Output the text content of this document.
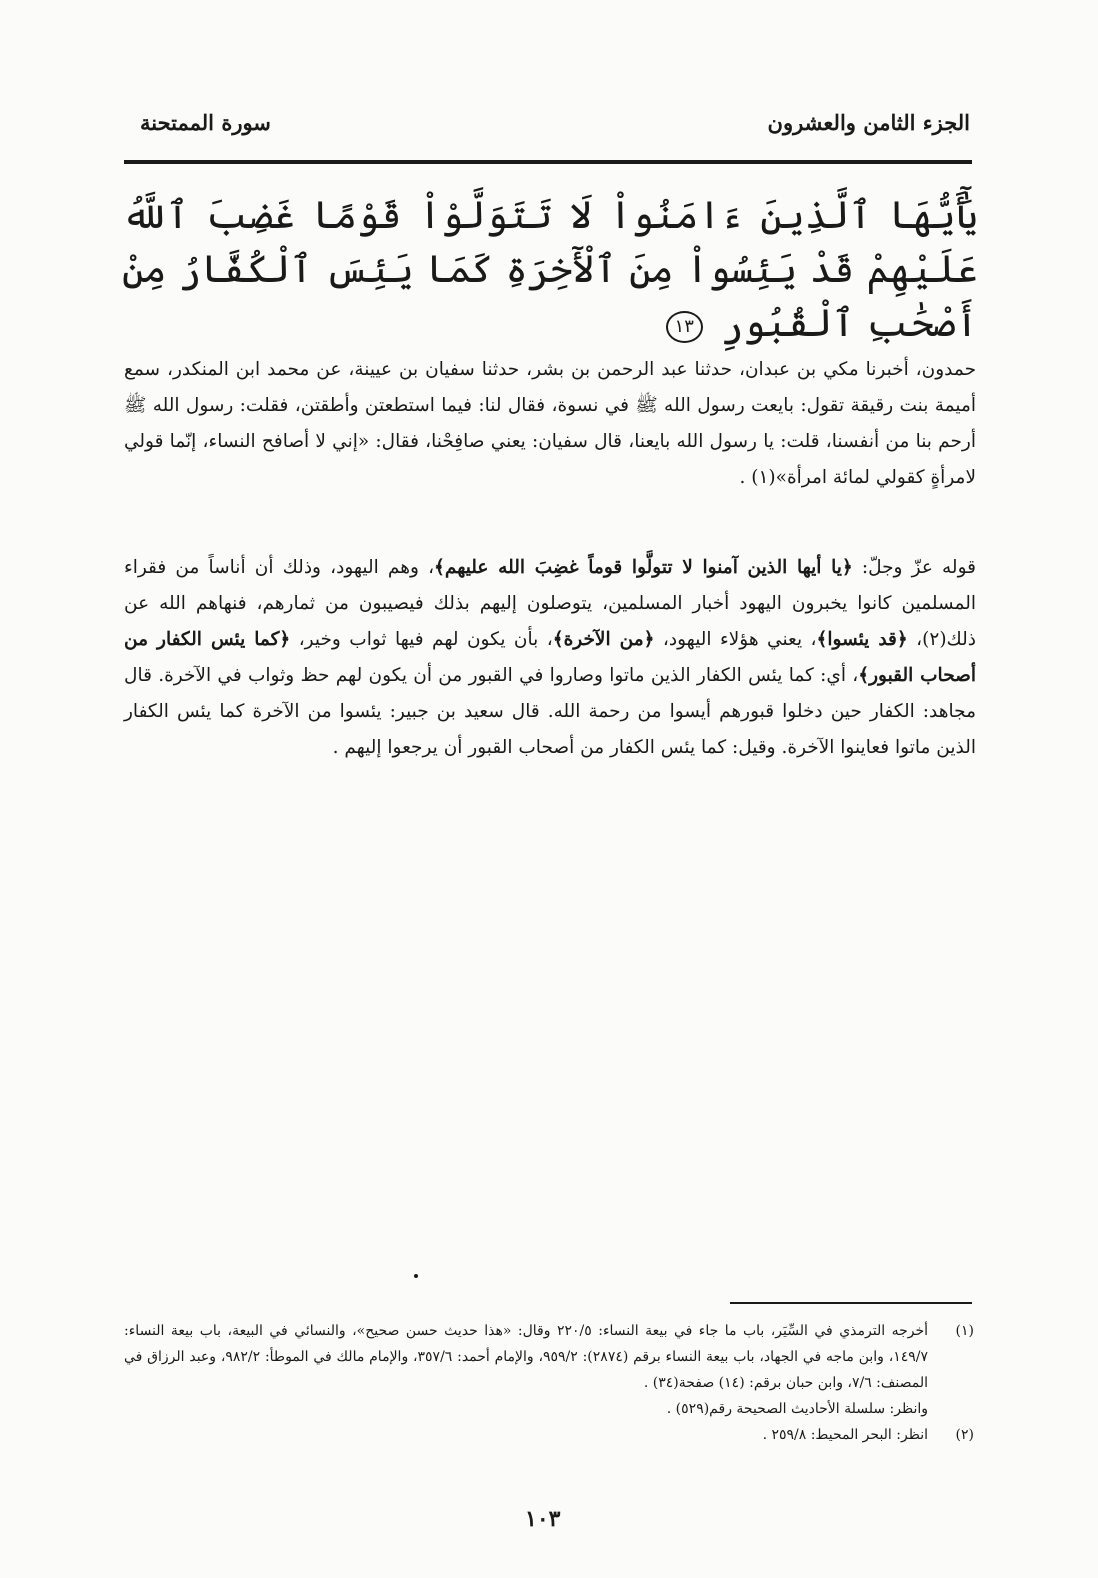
الجزء الثامن والعشرون
سورة الممتحنة
يَٰٓأَيُّهَا ٱلَّذِينَ ءَامَنُواْ لَا تَتَوَلَّوْاْ قَوْمًا غَضِبَ ٱللَّهُ عَلَيْهِمْ قَدْ يَئِسُواْ مِنَ ٱلْأٓخِرَةِ كَمَا يَئِسَ ٱلْكُفَّارُ مِنْ أَصْحَٰبِ ٱلْقُبُورِ ١٣
حمدون، أخبرنا مكي بن عبدان، حدثنا عبد الرحمن بن بشر، حدثنا سفيان بن عيينة، عن محمد ابن المنكدر، سمع أميمة بنت رقيقة تقول: بايعت رسول الله ﷺ في نسوة، فقال لنا: فيما استطعتن وأطقتن، فقلت: رسول الله ﷺ أرحم بنا من أنفسنا، قلت: يا رسول الله بايعنا، قال سفيان: يعني صافِحْنا، فقال: «إني لا أصافح النساء، إنّما قولي لامرأةٍ كقولي لمائة امرأة»(١) .
قوله عزّ وجلّ: ﴿يا أيها الذين آمنوا لا تتولَّوا قوماً غضِبَ الله عليهم﴾، وهم اليهود، وذلك أن أناساً من فقراء المسلمين كانوا يخبرون اليهود أخبار المسلمين، يتوصلون إليهم بذلك فيصيبون من ثمارهم، فنهاهم الله عن ذلك(٢)، ﴿قد يئسوا﴾، يعني هؤلاء اليهود، ﴿من الآخرة﴾، بأن يكون لهم فيها ثواب وخير، ﴿كما يئس الكفار من أصحاب القبور﴾، أي: كما يئس الكفار الذين ماتوا وصاروا في القبور من أن يكون لهم حظ وثواب في الآخرة. قال مجاهد: الكفار حين دخلوا قبورهم أيسوا من رحمة الله. قال سعيد بن جبير: يئسوا من الآخرة كما يئس الكفار الذين ماتوا فعاينوا الآخرة. وقيل: كما يئس الكفار من أصحاب القبور أن يرجعوا إليهم .
(١)
أخرجه الترمذي في السِّيَر، باب ما جاء في بيعة النساء: ٢٢٠/٥ وقال: «هذا حديث حسن صحيح»، والنسائي في البيعة، باب بيعة النساء: ١٤٩/٧، وابن ماجه في الجهاد، باب بيعة النساء برقم (٢٨٧٤): ٩٥٩/٢، والإمام أحمد: ٣٥٧/٦، والإمام مالك في الموطأ: ٩٨٢/٢، وعبد الرزاق في المصنف: ٧/٦، وابن حبان برقم: (١٤) صفحة(٣٤) .
وانظر: سلسلة الأحاديث الصحيحة رقم(٥٢٩) .
(٢)
انظر: البحر المحيط: ٢٥٩/٨ .
١٠٣
